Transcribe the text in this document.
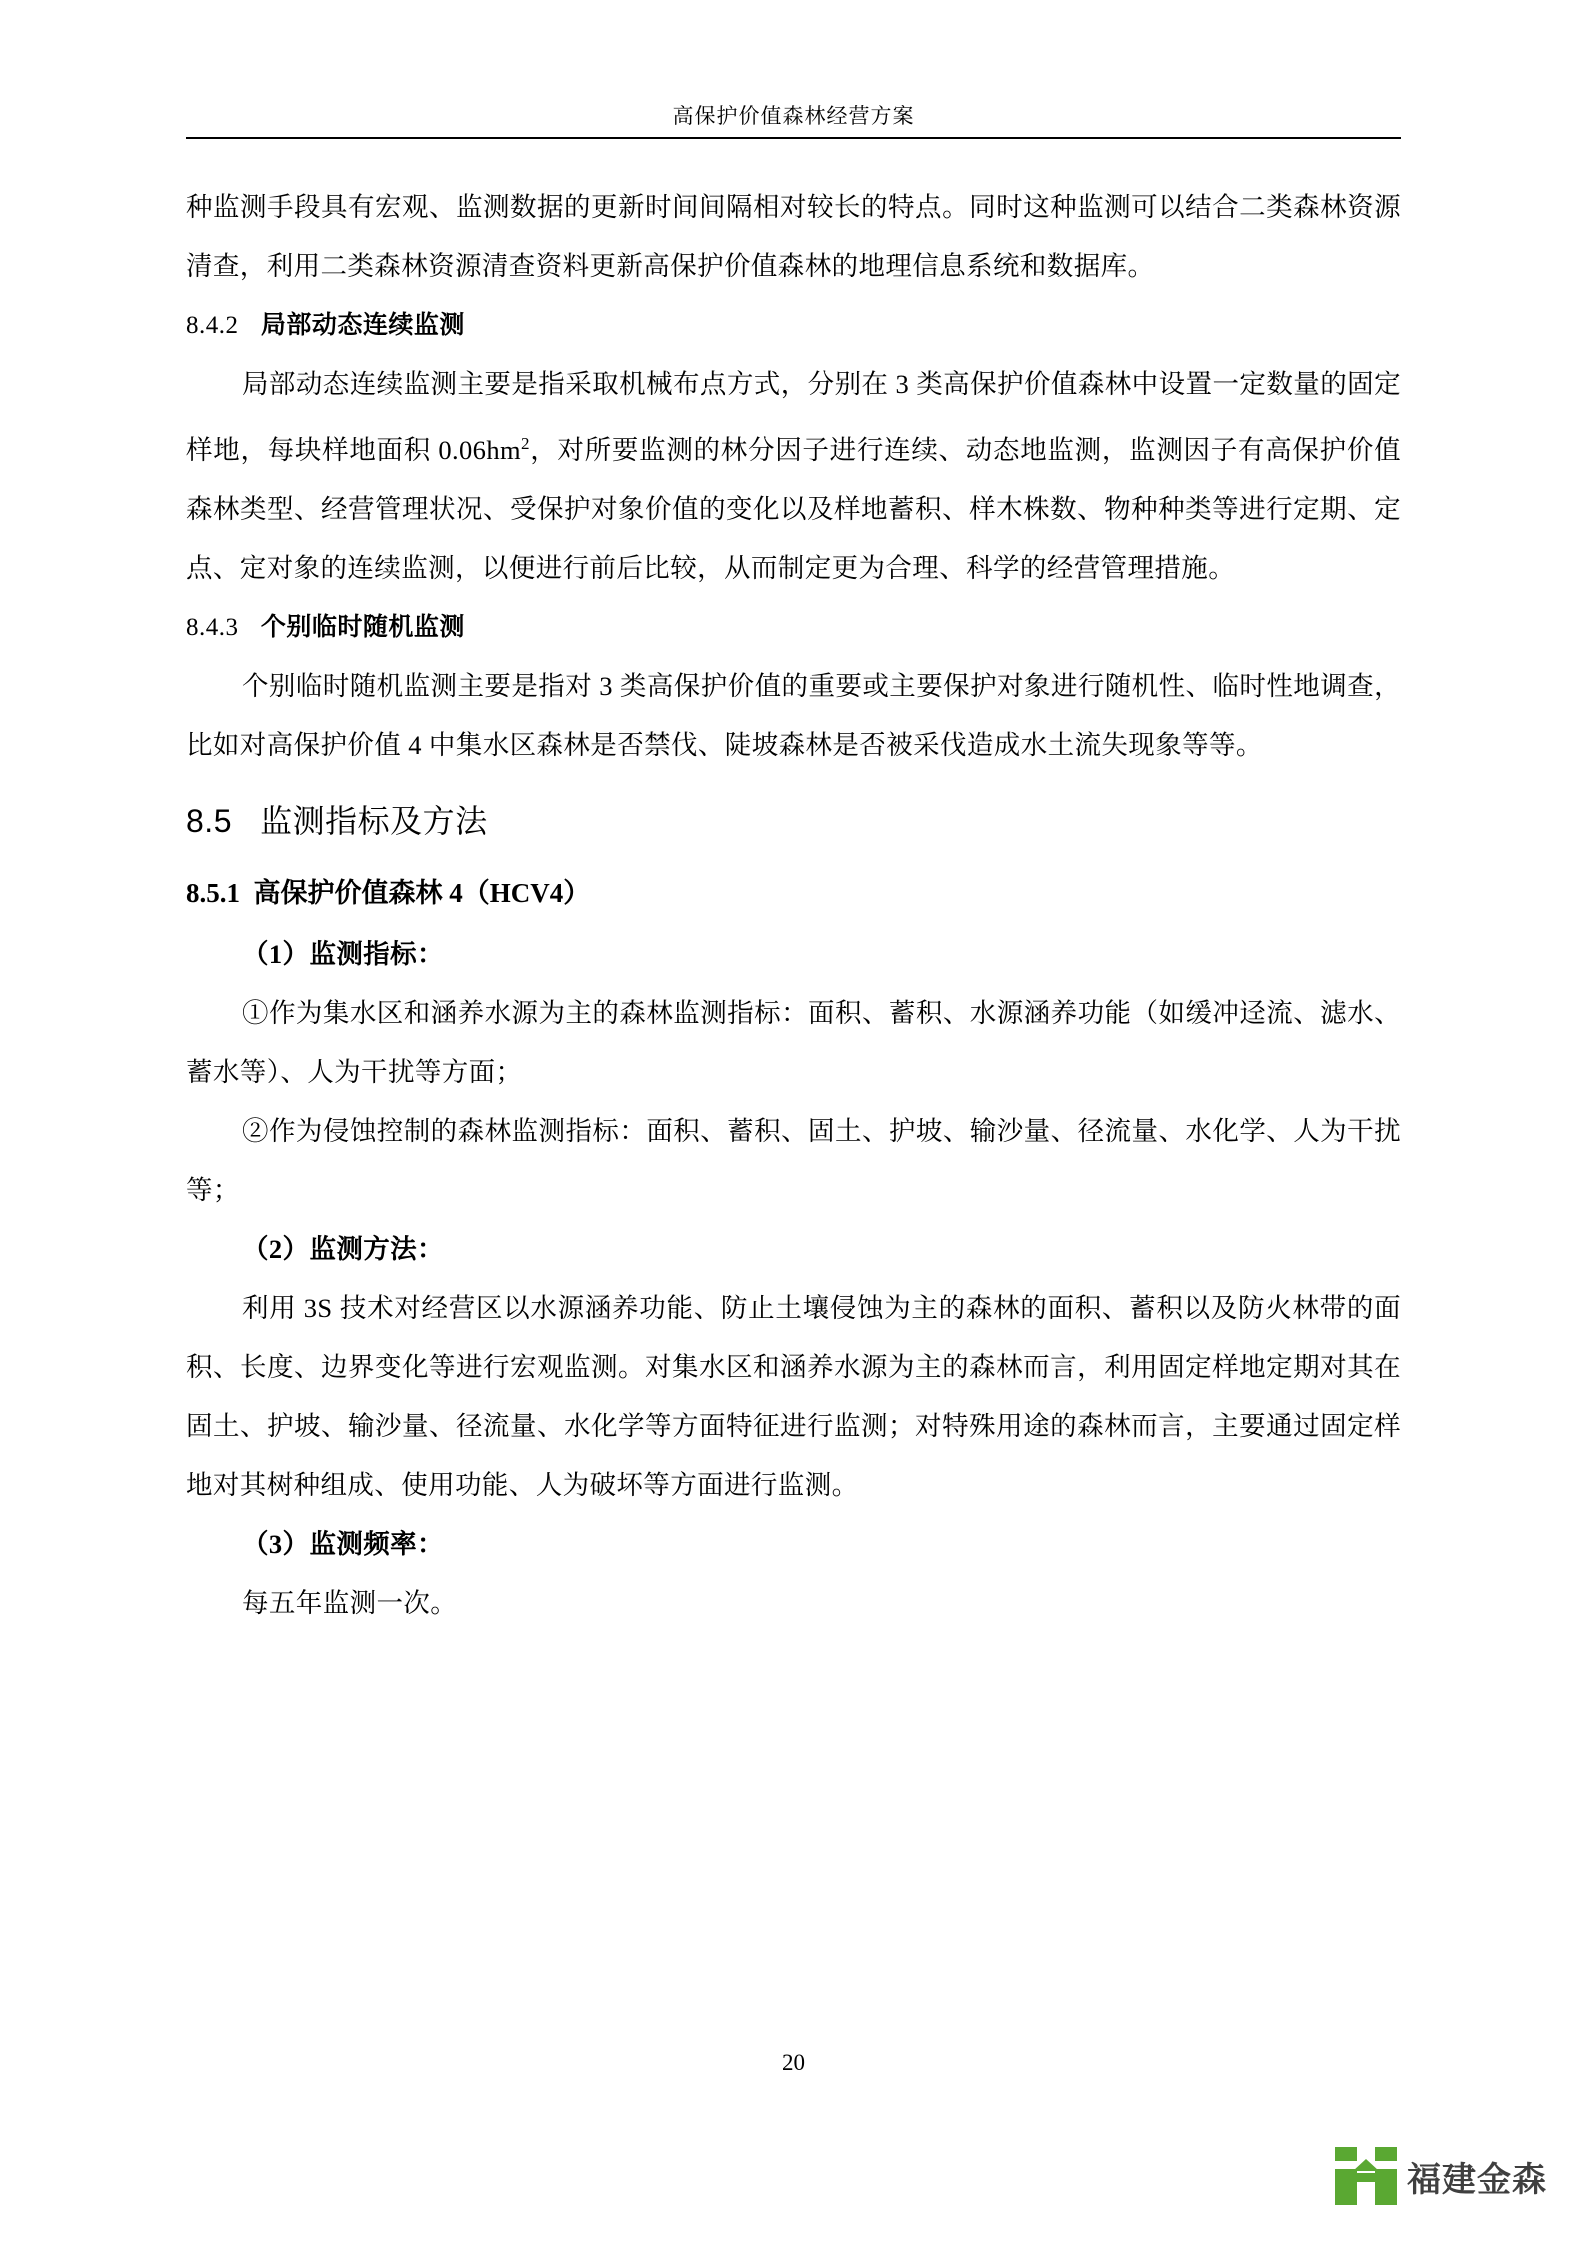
高保护价值森林经营方案

种监测手段具有宏观、监测数据的更新时间间隔相对较长的特点。同时这种监测可以结合二类森林资源清查，利用二类森林资源清查资料更新高保护价值森林的地理信息系统和数据库。

8.4.2 局部动态连续监测

局部动态连续监测主要是指采取机械布点方式，分别在 3 类高保护价值森林中设置一定数量的固定样地，每块样地面积 $0.06hm^2$，对所要监测的林分因子进行连续、动态地监测，监测因子有高保护价值森林类型、经营管理状况、受保护对象价值的变化以及样地蓄积、样木株数、物种种类等进行定期、定点、定对象的连续监测，以便进行前后比较，从而制定更为合理、科学的经营管理措施。

8.4.3 个别临时随机监测

个别临时随机监测主要是指对 3 类高保护价值的重要或主要保护对象进行随机性、临时性地调查，比如对高保护价值 4 中集水区森林是否禁伐、陡坡森林是否被采伐造成水土流失现象等等。

8.5 监测指标及方法
8.5.1 高保护价值森林 4（HCV4）

（1）监测指标：

①作为集水区和涵养水源为主的森林监测指标：面积、蓄积、水源涵养功能（如缓冲迳流、滤水、蓄水等）、人为干扰等方面；

②作为侵蚀控制的森林监测指标：面积、蓄积、固土、护坡、输沙量、径流量、水化学、人为干扰等；

（2）监测方法：

利用 3S 技术对经营区以水源涵养功能、防止土壤侵蚀为主的森林的面积、蓄积以及防火林带的面积、长度、边界变化等进行宏观监测。对集水区和涵养水源为主的森林而言，利用固定样地定期对其在固土、护坡、输沙量、径流量、水化学等方面特征进行监测；对特殊用途的森林而言，主要通过固定样地对其树种组成、使用功能、人为破坏等方面进行监测。

（3）监测频率：

每五年监测一次。

20
福建金森
